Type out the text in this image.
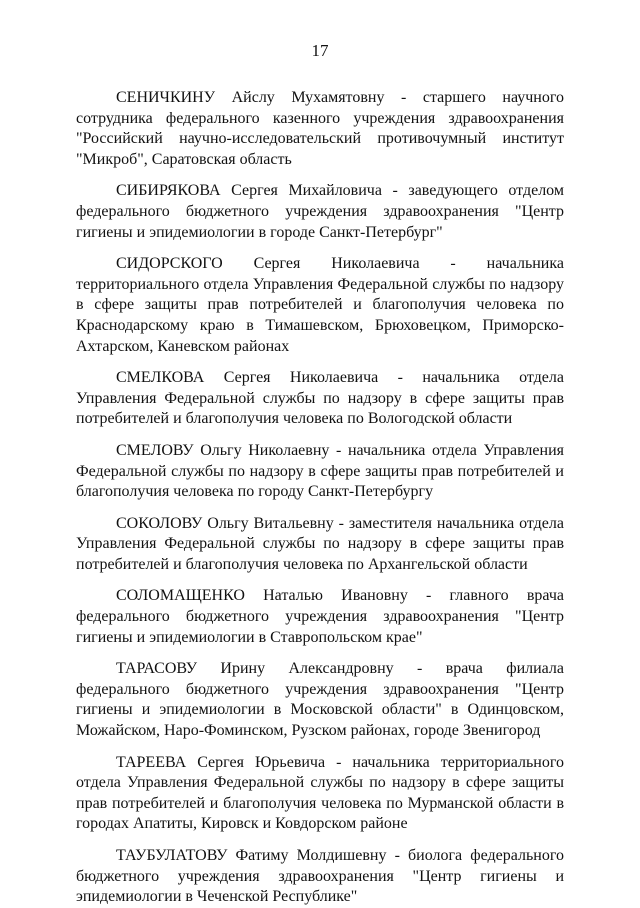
17

СЕНИЧКИНУ Айслу Мухамятовну - старшего научного сотрудника федерального казенного учреждения здравоохранения "Российский научно-исследовательский противочумный институт "Микроб", Саратовская область

СИБИРЯКОВА Сергея Михайловича - заведующего отделом федерального бюджетного учреждения здравоохранения "Центр гигиены и эпидемиологии в городе Санкт-Петербург"

СИДОРСКОГО Сергея Николаевича - начальника территориального отдела Управления Федеральной службы по надзору в сфере защиты прав потребителей и благополучия человека по Краснодарскому краю в Тимашевском, Брюховецком, Приморско-Ахтарском, Каневском районах

СМЕЛКОВА Сергея Николаевича - начальника отдела Управления Федеральной службы по надзору в сфере защиты прав потребителей и благополучия человека по Вологодской области

СМЕЛОВУ Ольгу Николаевну - начальника отдела Управления Федеральной службы по надзору в сфере защиты прав потребителей и благополучия человека по городу Санкт-Петербургу

СОКОЛОВУ Ольгу Витальевну - заместителя начальника отдела Управления Федеральной службы по надзору в сфере защиты прав потребителей и благополучия человека по Архангельской области

СОЛОМАЩЕНКО Наталью Ивановну - главного врача федерального бюджетного учреждения здравоохранения "Центр гигиены и эпидемиологии в Ставропольском крае"

ТАРАСОВУ Ирину Александровну - врача филиала федерального бюджетного учреждения здравоохранения "Центр гигиены и эпидемиологии в Московской области" в Одинцовском, Можайском, Наро-Фоминском, Рузском районах, городе Звенигород

ТАРЕЕВА Сергея Юрьевича - начальника территориального отдела Управления Федеральной службы по надзору в сфере защиты прав потребителей и благополучия человека по Мурманской области в городах Апатиты, Кировск и Ковдорском районе

ТАУБУЛАТОВУ Фатиму Молдишевну - биолога федерального бюджетного учреждения здравоохранения "Центр гигиены и эпидемиологии в Чеченской Республике"
